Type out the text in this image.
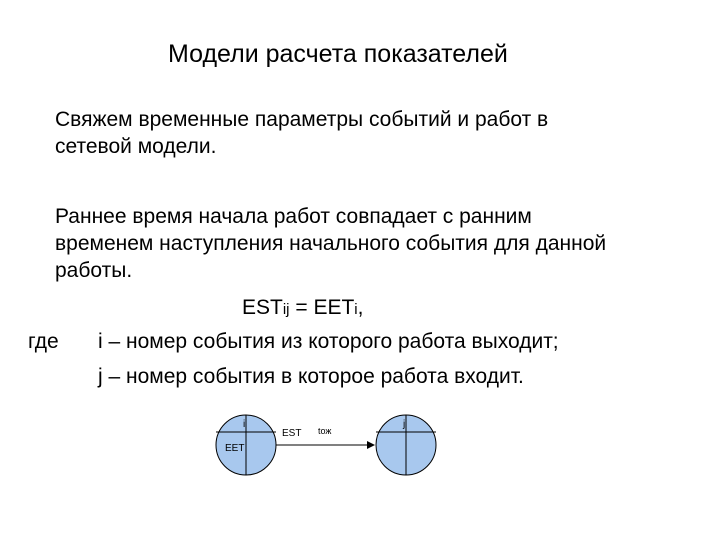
Модели расчета показателей
Свяжем временные параметры событий и работ в
сетевой модели.
Раннее время начала работ совпадает с ранним
временем наступления начального события для данной
работы.
ESTij = EETi,
где i – номер события из которого работа выходит;
j – номер события в которое работа входит.
i
EET
EST tож
j
